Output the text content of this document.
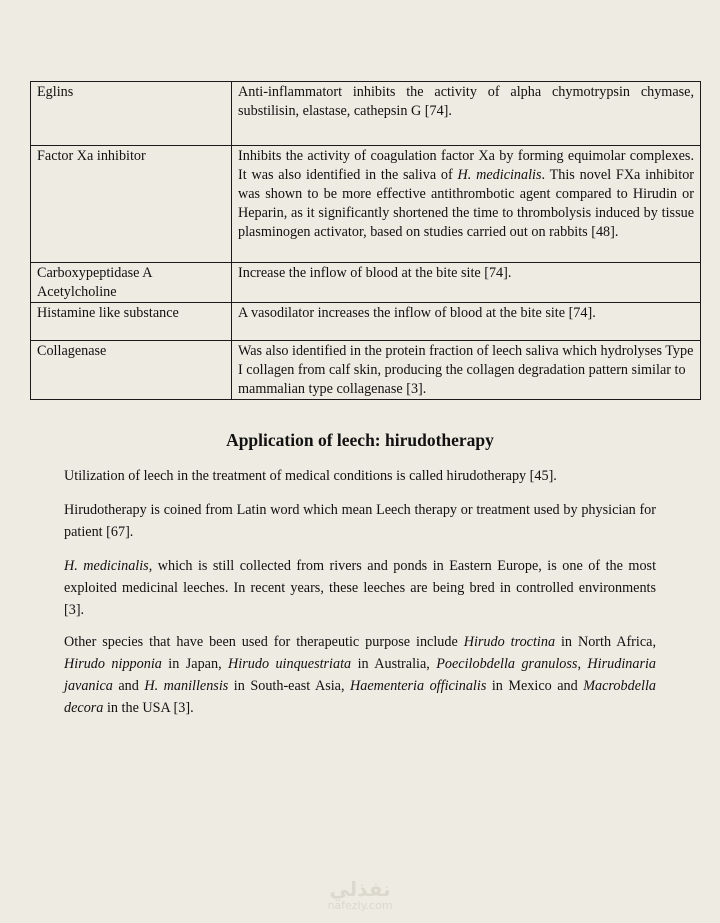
Eglins	Anti-inflammatort inhibits the activity of alpha chymotrypsin chymase, substilisin, elastase, cathepsin G [74].
Factor Xa inhibitor	Inhibits the activity of coagulation factor Xa by forming equimolar complexes. It was also identified in the saliva of H. medicinalis. This novel FXa inhibitor was shown to be more effective antithrombotic agent compared to Hirudin or Heparin, as it significantly shortened the time to thrombolysis induced by tissue plasminogen activator, based on studies carried out on rabbits [48].
Carboxypeptidase A Acetylcholine	Increase the inflow of blood at the bite site [74].
Histamine like substance	A vasodilator increases the inflow of blood at the bite site [74].
Collagenase	Was also identified in the protein fraction of leech saliva which hydrolyses Type I collagen from calf skin, producing the collagen degradation pattern similar to mammalian type collagenase [3].
Application of leech: hirudotherapy
Utilization of leech in the treatment of medical conditions is called hirudotherapy [45].
Hirudotherapy is coined from Latin word which mean Leech therapy or treatment used by physician for patient [67].
H. medicinalis, which is still collected from rivers and ponds in Eastern Europe, is one of the most exploited medicinal leeches. In recent years, these leeches are being bred in controlled environments [3].
Other species that have been used for therapeutic purpose include Hirudo troctina in North Africa, Hirudo nipponia in Japan, Hirudo uinquestriata in Australia, Poecilobdella granuloss, Hirudinaria javanica and H. manillensis in South-east Asia, Haementeria officinalis in Mexico and Macrobdella decora in the USA [3].
نفذلي
nafezly.com
